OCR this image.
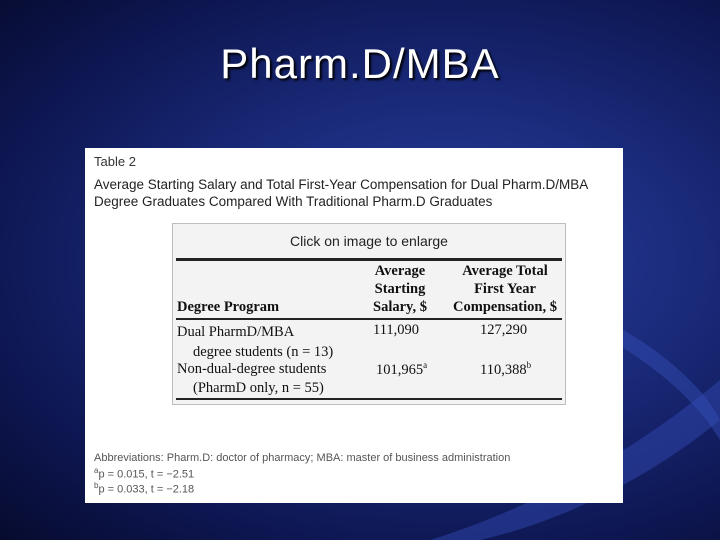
Pharm.D/MBA
Table 2
Average Starting Salary and Total First-Year Compensation for Dual Pharm.D/MBA Degree Graduates Compared With Traditional Pharm.D Graduates
Click on image to enlarge
Average
Starting
Salary, $
Average Total
First Year
Compensation, $
Degree Program
Dual PharmD/MBA
degree students (n = 13)
111,090	127,290
Non-dual-degree students
(PharmD only, n = 55)
101,965$^a$	110,388$^b$
Abbreviations: Pharm.D: doctor of pharmacy; MBA: master of business administration
$^a$p = 0.015, t = −2.51
$^b$p = 0.033, t = −2.18
